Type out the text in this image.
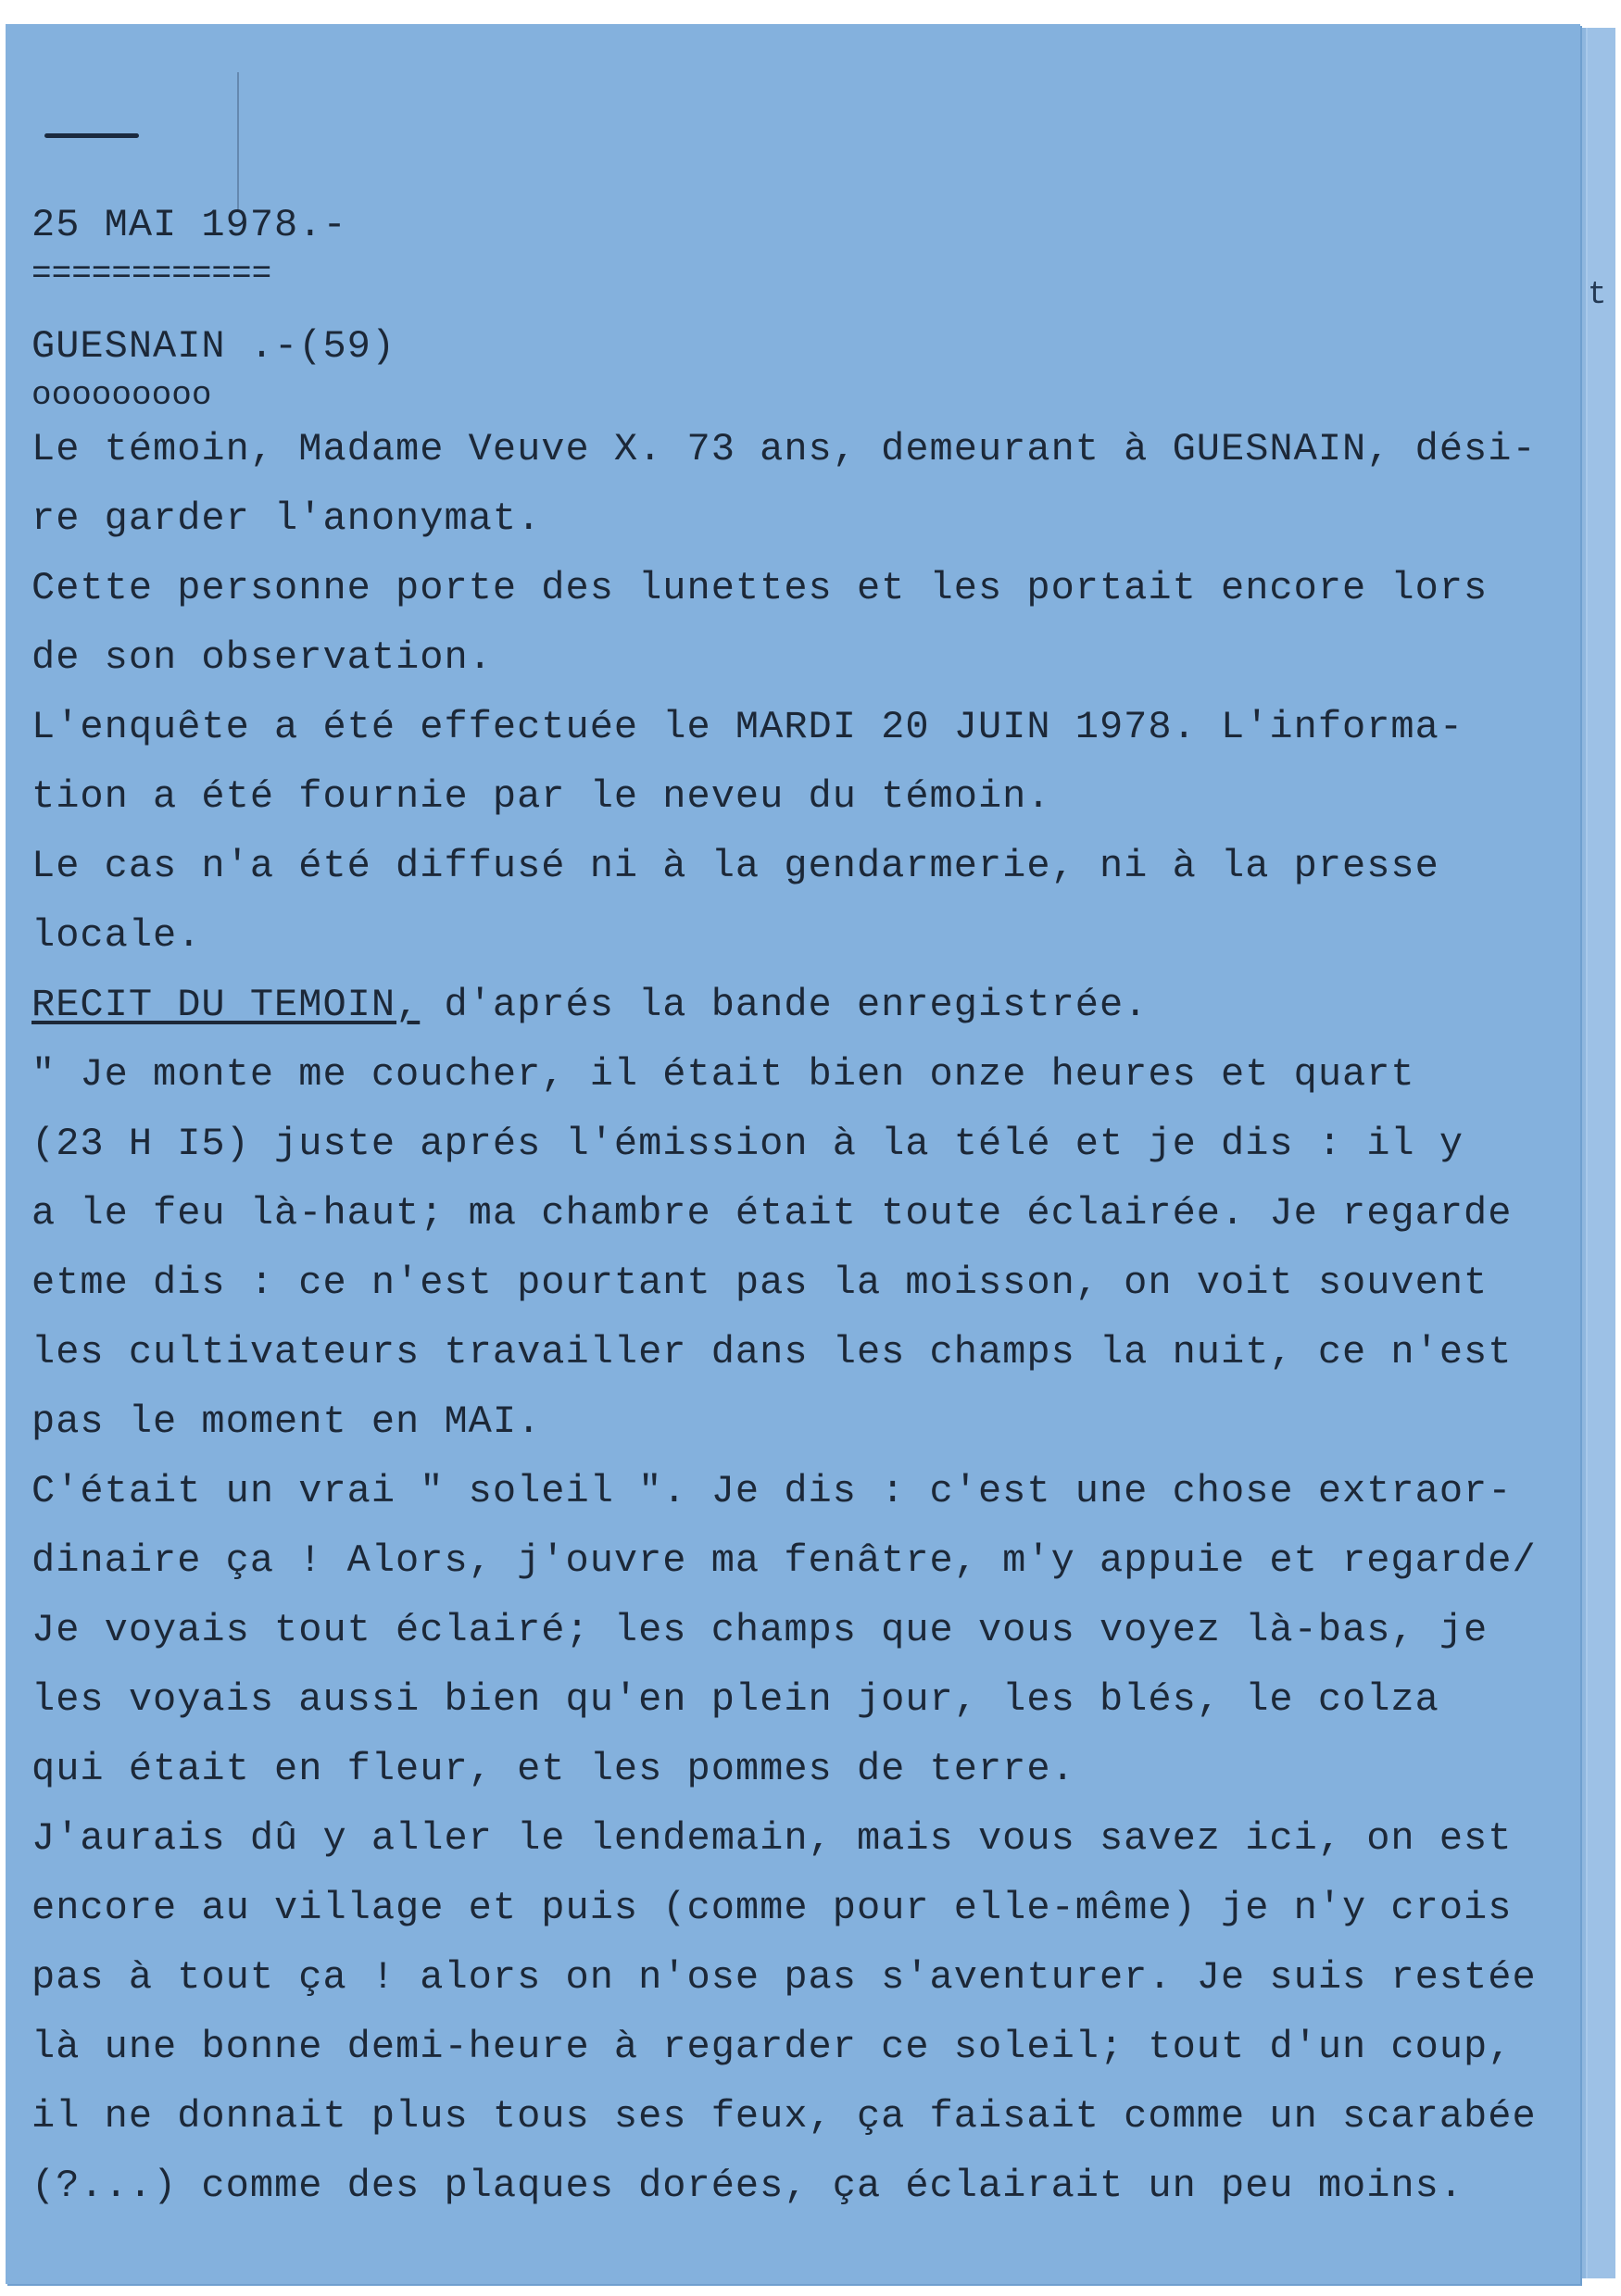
t
25 MAI 1978.-
============
GUESNAIN .-(59)
ooooooooo
Le témoin, Madame Veuve X. 73 ans, demeurant à GUESNAIN, dési-
re garder l'anonymat.
Cette personne porte des lunettes et les portait encore lors
de son observation.
L'enquête a été effectuée le MARDI 20 JUIN 1978. L'informa-
tion a été fournie par le neveu du témoin.
Le cas n'a été diffusé ni à la gendarmerie, ni à la presse
locale.
RECIT DU TEMOIN, d'aprés la bande enregistrée.
" Je monte me coucher, il était bien onze heures et quart
(23 H I5) juste aprés l'émission à la télé et je dis : il y
a le feu là-haut; ma chambre était toute éclairée. Je regarde
etme dis : ce n'est pourtant pas la moisson, on voit souvent
les cultivateurs travailler dans les champs la nuit, ce n'est
pas le moment en MAI.
C'était un vrai " soleil ". Je dis : c'est une chose extraor-
dinaire ça ! Alors, j'ouvre ma fenâtre, m'y appuie et regarde/
Je voyais tout éclairé; les champs que vous voyez là-bas, je
les voyais aussi bien qu'en plein jour, les blés, le colza
qui était en fleur, et les pommes de terre.
J'aurais dû y aller le lendemain, mais vous savez ici, on est
encore au village et puis (comme pour elle-même) je n'y crois
pas à tout ça ! alors on n'ose pas s'aventurer. Je suis restée
là une bonne demi-heure à regarder ce soleil; tout d'un coup,
il ne donnait plus tous ses feux, ça faisait comme un scarabée
(?...) comme des plaques dorées, ça éclairait un peu moins.
